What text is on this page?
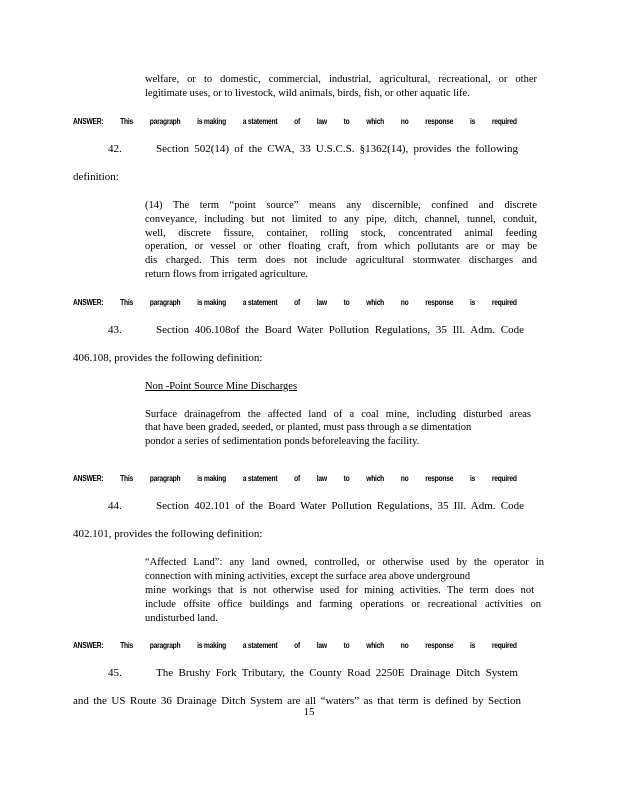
welfare, or to domestic, commercial, industrial, agricultural, recreational, or other
legitimate uses, or to livestock, wild animals, birds, fish, or other aquatic life.
ANSWER: This paragraph is making a statement of law to which no response is required
42.	Section 502(14) of the CWA, 33 U.S.C.S. §1362(14), provides the following
definition:
(14) The term “point source” means any discernible, confined and discrete
conveyance, including but not limited to any pipe, ditch, channel, tunnel, conduit,
well, discrete fissure, container, rolling stock, concentrated animal feeding
operation, or vessel or other floating craft, from which pollutants are or may be
dis charged. This term does not include agricultural stormwater discharges and
return flows from irrigated agriculture.
ANSWER: This paragraph is making a statement of law to which no response is required
43.	Section 406.108of the Board Water Pollution Regulations, 35 Ill. Adm. Code
406.108, provides the following definition:
Non -Point Source Mine Discharges
Surface drainagefrom the affected land of a coal mine, including disturbed areas
that have been graded, seeded, or planted, must pass through a se dimentation
pondor a series of sedimentation ponds beforeleaving the facility.
ANSWER: This paragraph is making a statement of law to which no response is required
44.	Section 402.101 of the Board Water Pollution Regulations, 35 Ill. Adm. Code
402.101, provides the following definition:
“Affected Land”: any land owned, controlled, or otherwise used by the operator in
connection with mining activities, except the surface area above underground
mine workings that is not otherwise used for mining activities. The term does not
include offsite office buildings and farming operations or recreational activities on
undisturbed land.
ANSWER: This paragraph is making a statement of law to which no response is required
45.	The Brushy Fork Tributary, the County Road 2250E Drainage Ditch System
and the US Route 36 Drainage Ditch System are all “waters” as that term is defined by Section
15
